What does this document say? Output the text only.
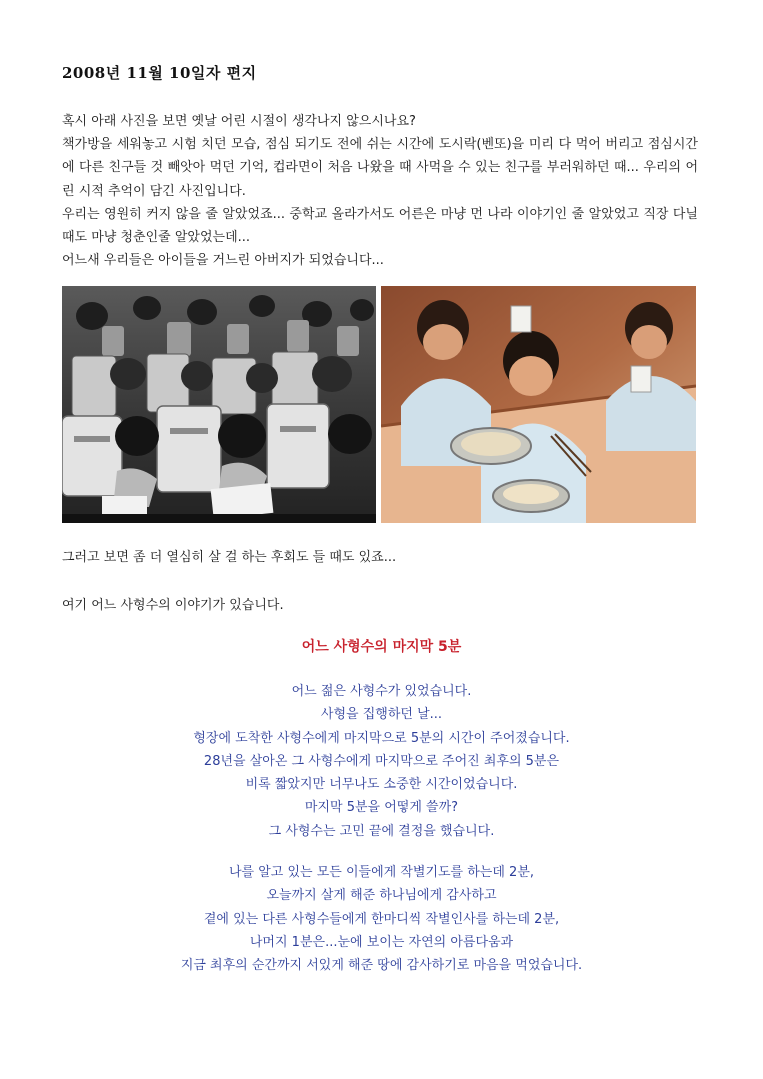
2008년 11월 10일자 편지

혹시 아래 사진을 보면 옛날 어린 시절이 생각나지 않으시나요?

책가방을 세워놓고 시험 치던 모습, 점심 되기도 전에 쉬는 시간에 도시락(벤또)을 미리 다 먹어 버리고 점심시간에 다른 친구들 것 빼앗아 먹던 기억, 컵라면이 처음 나왔을 때 사먹을 수 있는 친구를 부러워하던 때... 우리의 어린 시적 추억이 담긴 사진입니다.

우리는 영원히 커지 않을 줄 알았었죠... 중학교 올라가서도 어른은 마냥 먼 나라 이야기인 줄 알았었고 직장 다닐 때도 마냥 청춘인줄 알았었는데...

어느새 우리들은 아이들을 거느린 아버지가 되었습니다...

그러고 보면 좀 더 열심히 살 걸 하는 후회도 들 때도 있죠...
여기 어느 사형수의 이야기가 있습니다.
어느 사형수의 마지막 5분
어느 젊은 사형수가 있었습니다.
사형을 집행하던 날...
형장에 도착한 사형수에게 마지막으로 5분의 시간이 주어졌습니다.
28년을 살아온 그 사형수에게 마지막으로 주어진 최후의 5분은
비록 짧았지만 너무나도 소중한 시간이었습니다.
마지막 5분을 어떻게 쓸까?
그 사형수는 고민 끝에 결정을 했습니다.
나를 알고 있는 모든 이들에게 작별기도를 하는데 2분,
오늘까지 살게 해준 하나님에게 감사하고
곁에 있는 다른 사형수들에게 한마디씩 작별인사를 하는데 2분,
나머지 1분은...눈에 보이는 자연의 아름다움과
지금 최후의 순간까지 서있게 해준 땅에 감사하기로 마음을 먹었습니다.
